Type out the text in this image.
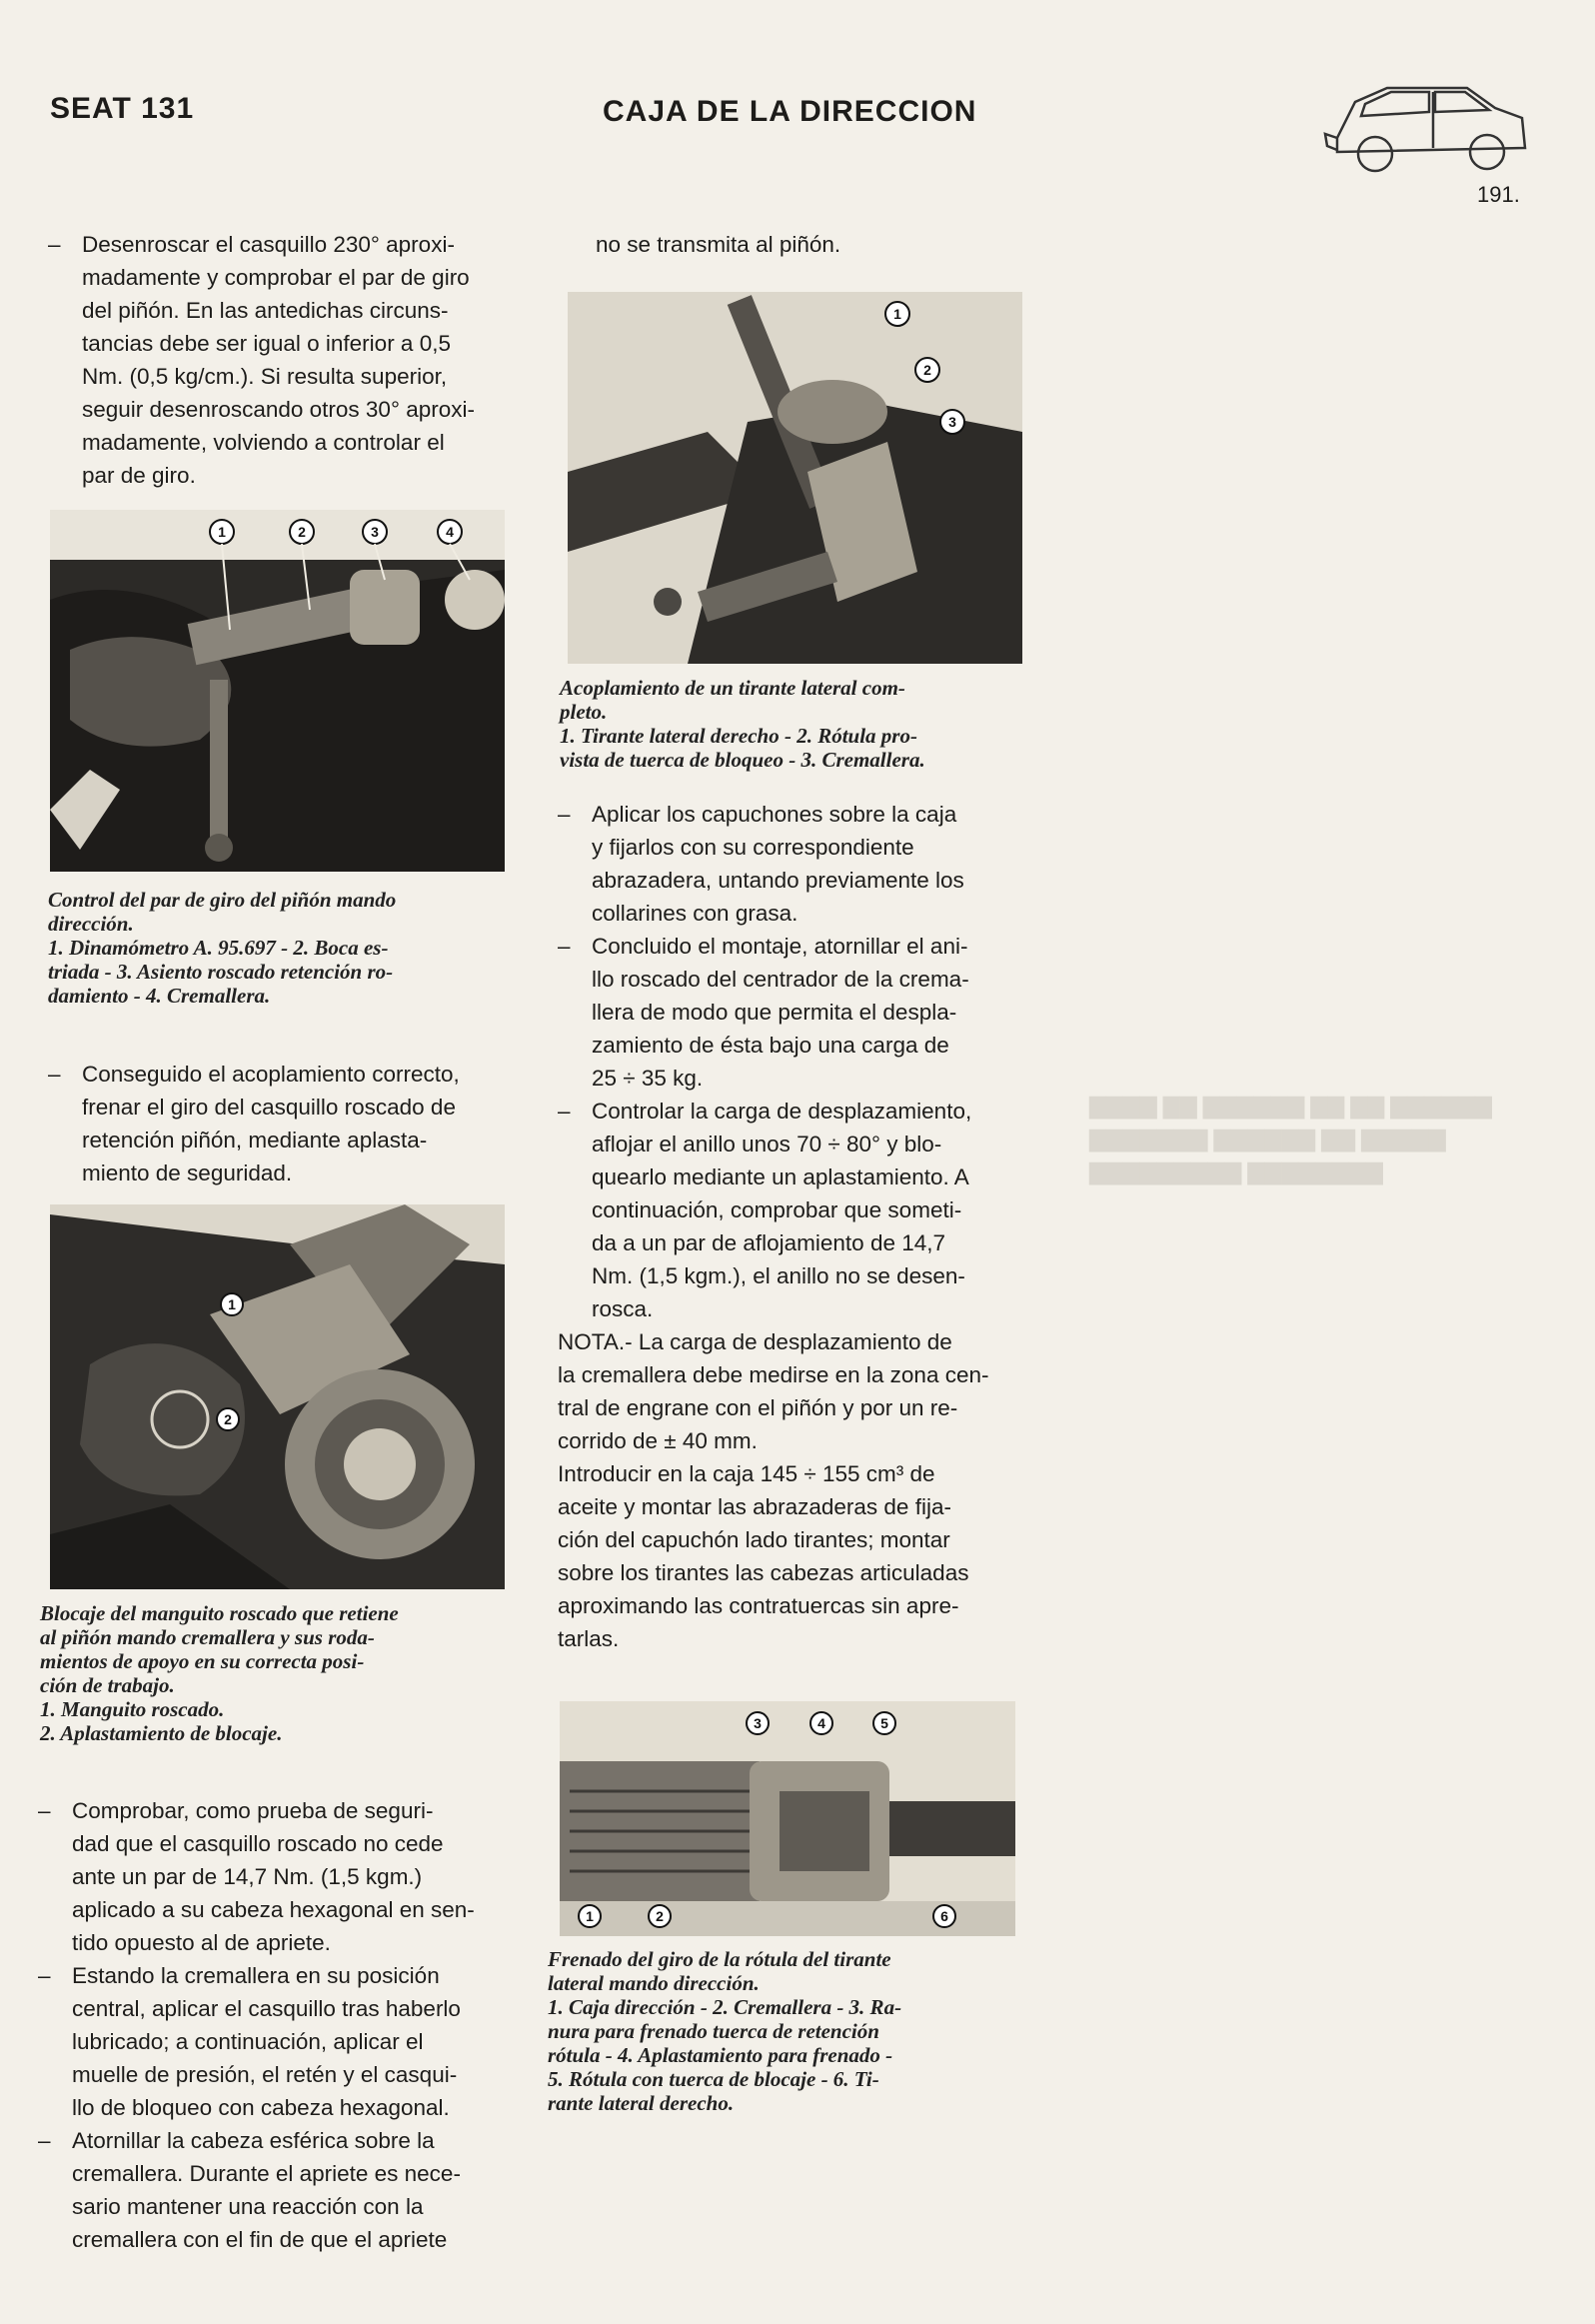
SEAT 131	CAJA DE LA DIRECCION
191.
▇▇▇▇ ▇▇ ▇▇▇▇▇▇ ▇▇ ▇▇ ▇▇▇▇▇▇
▇▇▇▇▇▇▇ ▇▇▇▇▇▇ ▇▇ ▇▇▇▇▇
▇▇▇▇▇▇▇▇▇ ▇▇▇▇▇▇▇▇
– Desenroscar el casquillo 230° aproxi-
madamente y comprobar el par de giro
del piñón. En las antedichas circuns-
tancias debe ser igual o inferior a 0,5
Nm. (0,5 kg/cm.). Si resulta superior,
seguir desenroscando otros 30° aproxi-
madamente, volviendo a controlar el
par de giro.
1	2	3	4
Control del par de giro del piñón mando
dirección.
1. Dinamómetro A. 95.697 - 2. Boca es-
triada - 3. Asiento roscado retención ro-
damiento - 4. Cremallera.
– Conseguido el acoplamiento correcto,
frenar el giro del casquillo roscado de
retención piñón, mediante aplasta-
miento de seguridad.
1
2
Blocaje del manguito roscado que retiene
al piñón mando cremallera y sus roda-
mientos de apoyo en su correcta posi-
ción de trabajo.
1. Manguito roscado.
2. Aplastamiento de blocaje.
– Comprobar, como prueba de seguri-
dad que el casquillo roscado no cede
ante un par de 14,7 Nm. (1,5 kgm.)
aplicado a su cabeza hexagonal en sen-
tido opuesto al de apriete.
– Estando la cremallera en su posición
central, aplicar el casquillo tras haberlo
lubricado; a continuación, aplicar el
muelle de presión, el retén y el casqui-
llo de bloqueo con cabeza hexagonal.
– Atornillar la cabeza esférica sobre la
cremallera. Durante el apriete es nece-
sario mantener una reacción con la
cremallera con el fin de que el apriete
no se transmita al piñón.
1
2
3
Acoplamiento de un tirante lateral com-
pleto.
1. Tirante lateral derecho - 2. Rótula pro-
vista de tuerca de bloqueo - 3. Cremallera.
– Aplicar los capuchones sobre la caja
y fijarlos con su correspondiente
abrazadera, untando previamente los
collarines con grasa.
– Concluido el montaje, atornillar el ani-
llo roscado del centrador de la crema-
llera de modo que permita el despla-
zamiento de ésta bajo una carga de
25 ÷ 35 kg.
– Controlar la carga de desplazamiento,
aflojar el anillo unos 70 ÷ 80° y blo-
quearlo mediante un aplastamiento. A
continuación, comprobar que someti-
da a un par de aflojamiento de 14,7
Nm. (1,5 kgm.), el anillo no se desen-
rosca.
NOTA.- La carga de desplazamiento de
la cremallera debe medirse en la zona cen-
tral de engrane con el piñón y por un re-
corrido de ± 40 mm.
Introducir en la caja 145 ÷ 155 cm³ de
aceite y montar las abrazaderas de fija-
ción del capuchón lado tirantes; montar
sobre los tirantes las cabezas articuladas
aproximando las contratuercas sin apre-
tarlas.
1	2
3	4	5
6
Frenado del giro de la rótula del tirante
lateral mando dirección.
1. Caja dirección - 2. Cremallera - 3. Ra-
nura para frenado tuerca de retención
rótula - 4. Aplastamiento para frenado -
5. Rótula con tuerca de blocaje - 6. Ti-
rante lateral derecho.
